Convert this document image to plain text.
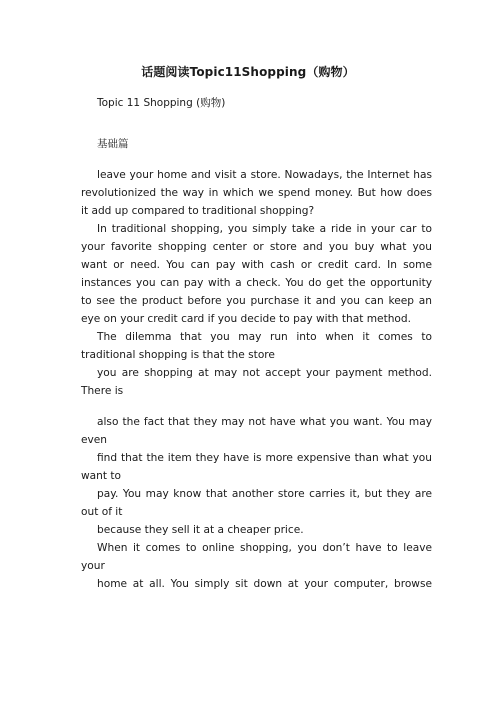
话题阅读Topic11Shopping（购物）
Topic 11 Shopping (购物)
基础篇
leave your home and visit a store. Nowadays, the Internet has
revolutionized the way in which we spend money. But how does
it add up compared to traditional shopping?
In traditional shopping, you simply take a ride in your car to
your favorite shopping center or store and you buy what you
want or need. You can pay with cash or credit card. In some
instances you can pay with a check. You do get the opportunity
to see the product before you purchase it and you can keep an
eye on your credit card if you decide to pay with that method.
The dilemma that you may run into when it comes to
traditional shopping is that the store
you are shopping at may not accept your payment method.
There is
also the fact that they may not have what you want. You may
even
find that the item they have is more expensive than what you
want to
pay. You may know that another store carries it, but they are
out of it
because they sell it at a cheaper price.
When it comes to online shopping, you don’t have to leave
your
home at all. You simply sit down at your computer, browse
